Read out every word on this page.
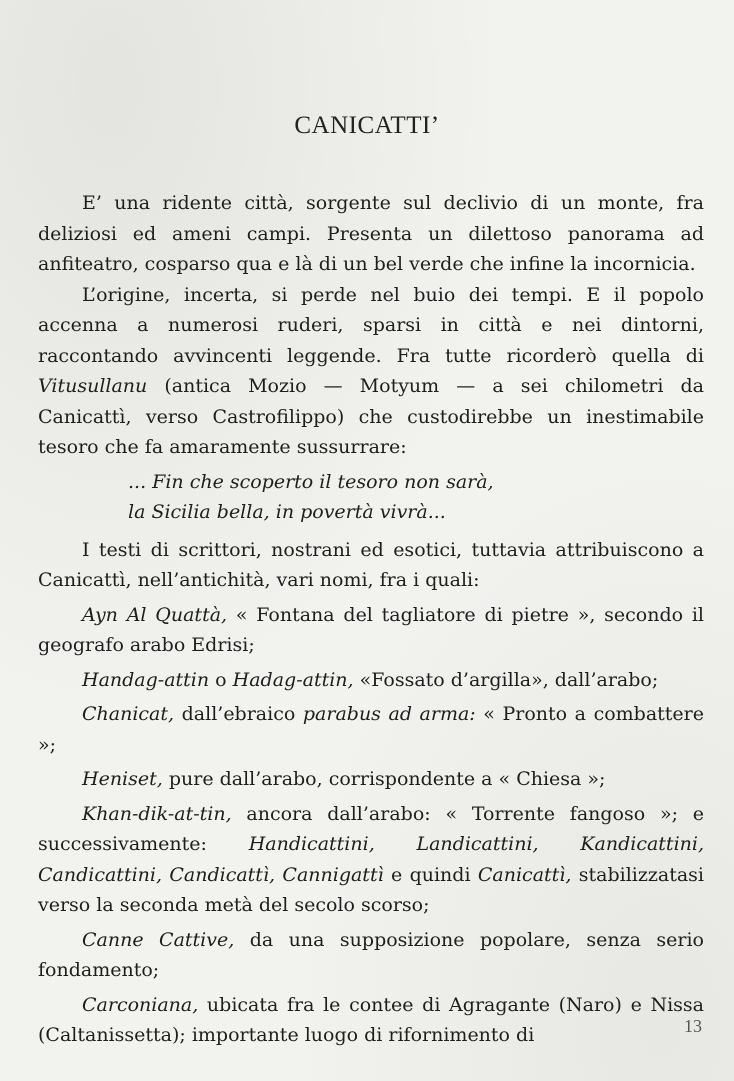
CANICATTI’

E’ una ridente città, sorgente sul declivio di un monte, fra deliziosi ed ameni campi. Presenta un dilettoso panorama ad anfiteatro, cosparso qua e là di un bel verde che infine la incornicia.

L’origine, incerta, si perde nel buio dei tempi. E il popolo accenna a numerosi ruderi, sparsi in città e nei dintorni, raccontando avvincenti leggende. Fra tutte ricorderò quella di Vitusullanu (antica Mozio — Motyum — a sei chilometri da Canicattì, verso Castrofilippo) che custodirebbe un inestimabile tesoro che fa amaramente sussurrare:

... Fin che scoperto il tesoro non sarà,
la Sicilia bella, in povertà vivrà...

I testi di scrittori, nostrani ed esotici, tuttavia attribuiscono a Canicattì, nell’antichità, vari nomi, fra i quali:

Ayn Al Quattà, « Fontana del tagliatore di pietre », secondo il geografo arabo Edrisi;

Handag-attin o Hadag-attin, «Fossato d’argilla», dall’arabo;

Chanicat, dall’ebraico parabus ad arma: « Pronto a combattere »;

Heniset, pure dall’arabo, corrispondente a « Chiesa »;

Khan-dik-at-tin, ancora dall’arabo: « Torrente fangoso »; e successivamente: Handicattini, Landicattini, Kandicattini, Candicattini, Candicattì, Cannigattì e quindi Canicattì, stabilizzatasi verso la seconda metà del secolo scorso;

Canne Cattive, da una supposizione popolare, senza serio fondamento;

Carconiana, ubicata fra le contee di Agragante (Naro) e Nissa (Caltanissetta); importante luogo di rifornimento di	13
